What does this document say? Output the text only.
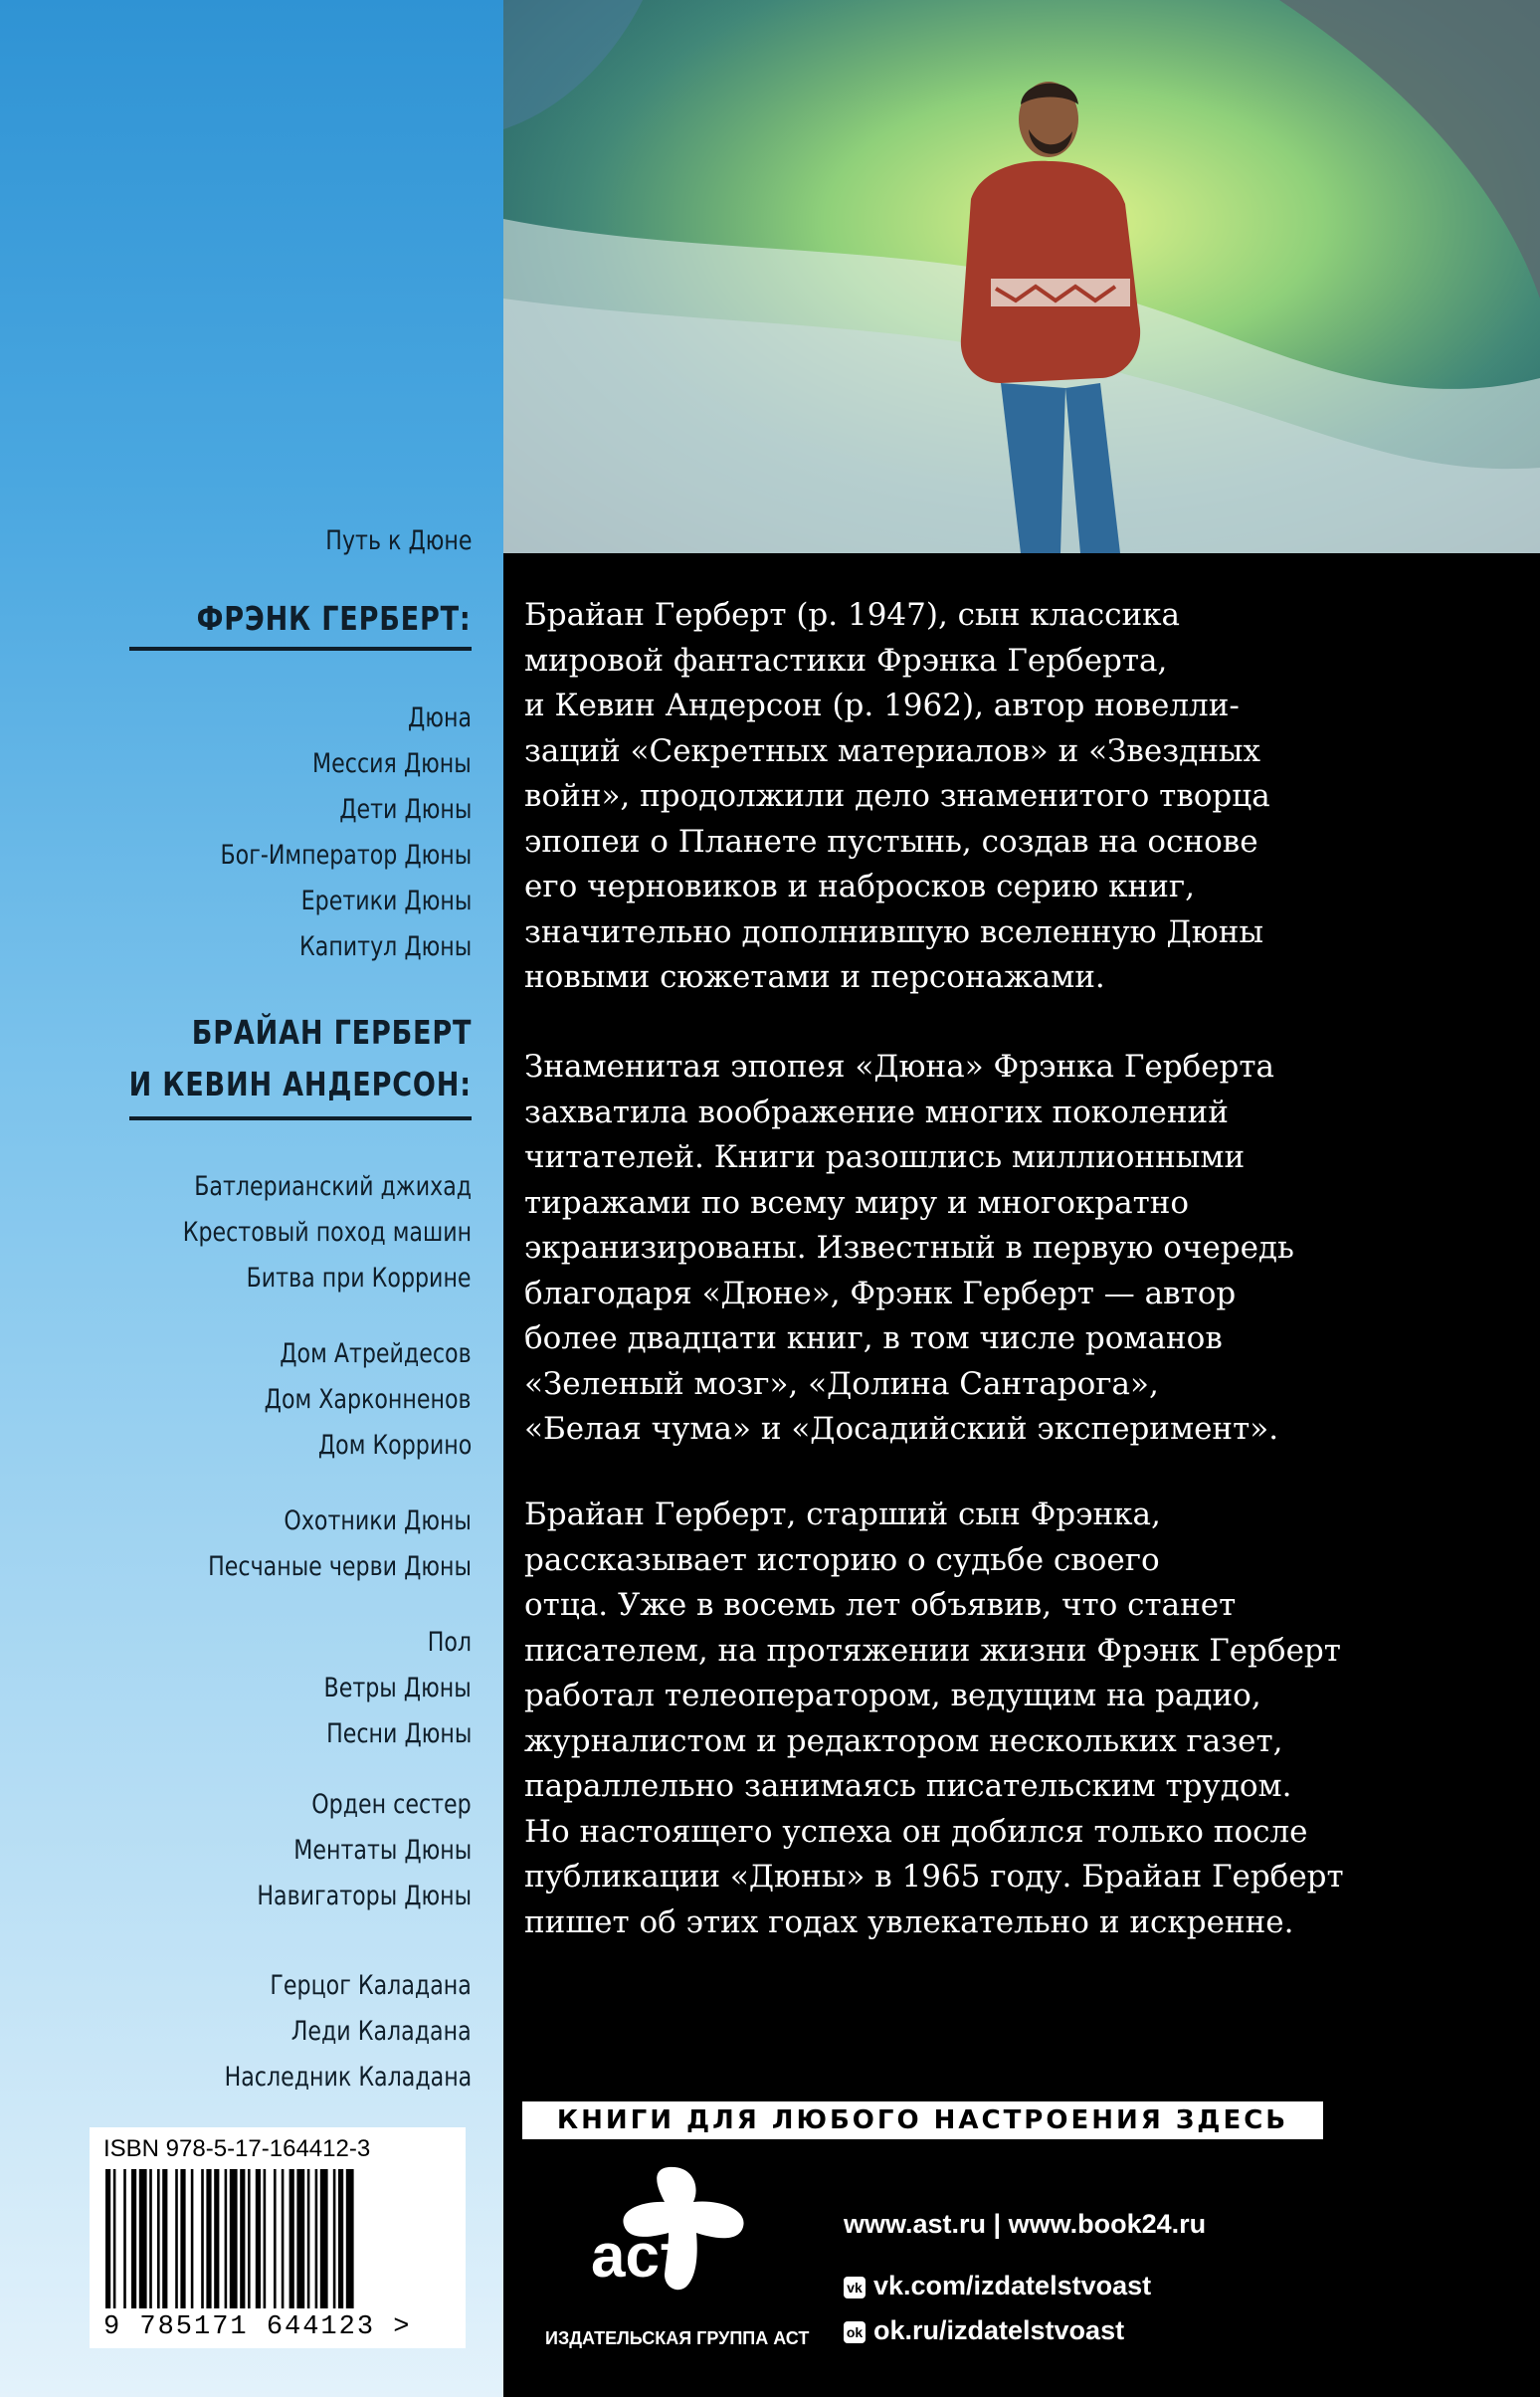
Путь к Дюне
ФРЭНК ГЕРБЕРТ:
Дюна
Мессия Дюны
Дети Дюны
Бог-Император Дюны
Еретики Дюны
Капитул Дюны
БРАЙАН ГЕРБЕРТ
И КЕВИН АНДЕРСОН:
Батлерианский джихад
Крестовый поход машин
Битва при Коррине
Дом Атрейдесов
Дом Харконненов
Дом Коррино
Охотники Дюны
Песчаные черви Дюны
Пол
Ветры Дюны
Песни Дюны
Орден сестер
Ментаты Дюны
Навигаторы Дюны
Герцог Каладана
Леди Каладана
Наследник Каладана
Брайан Герберт (р. 1947), сын классика
мировой фантастики Фрэнка Герберта,
и Кевин Андерсон (р. 1962), автор новелли-
заций «Секретных материалов» и «Звездных
войн», продолжили дело знаменитого творца
эпопеи о Планете пустынь, создав на основе
его черновиков и набросков серию книг,
значительно дополнившую вселенную Дюны
новыми сюжетами и персонажами.
Знаменитая эпопея «Дюна» Фрэнка Герберта
захватила воображение многих поколений
читателей. Книги разошлись миллионными
тиражами по всему миру и многократно
экранизированы. Известный в первую очередь
благодаря «Дюне», Фрэнк Герберт — автор
более двадцати книг, в том числе романов
«Зеленый мозг», «Долина Сантарога»,
«Белая чума» и «Досадийский эксперимент».
Брайан Герберт, старший сын Фрэнка,
рассказывает историю о судьбе своего
отца. Уже в восемь лет объявив, что станет
писателем, на протяжении жизни Фрэнк Герберт
работал телеоператором, ведущим на радио,
журналистом и редактором нескольких газет,
параллельно занимаясь писательским трудом.
Но настоящего успеха он добился только после
публикации «Дюны» в 1965 году. Брайан Герберт
пишет об этих годах увлекательно и искренне.
КНИГИ ДЛЯ ЛЮБОГО НАСТРОЕНИЯ ЗДЕСЬ
ISBN 978-5-17-164412-3
9 785171 644123 >
аст
ИЗДАТЕЛЬСКАЯ ГРУППА АСТ
www.ast.ru | www.book24.ru
vk vk.com/izdatelstvoast
ok ok.ru/izdatelstvoast
